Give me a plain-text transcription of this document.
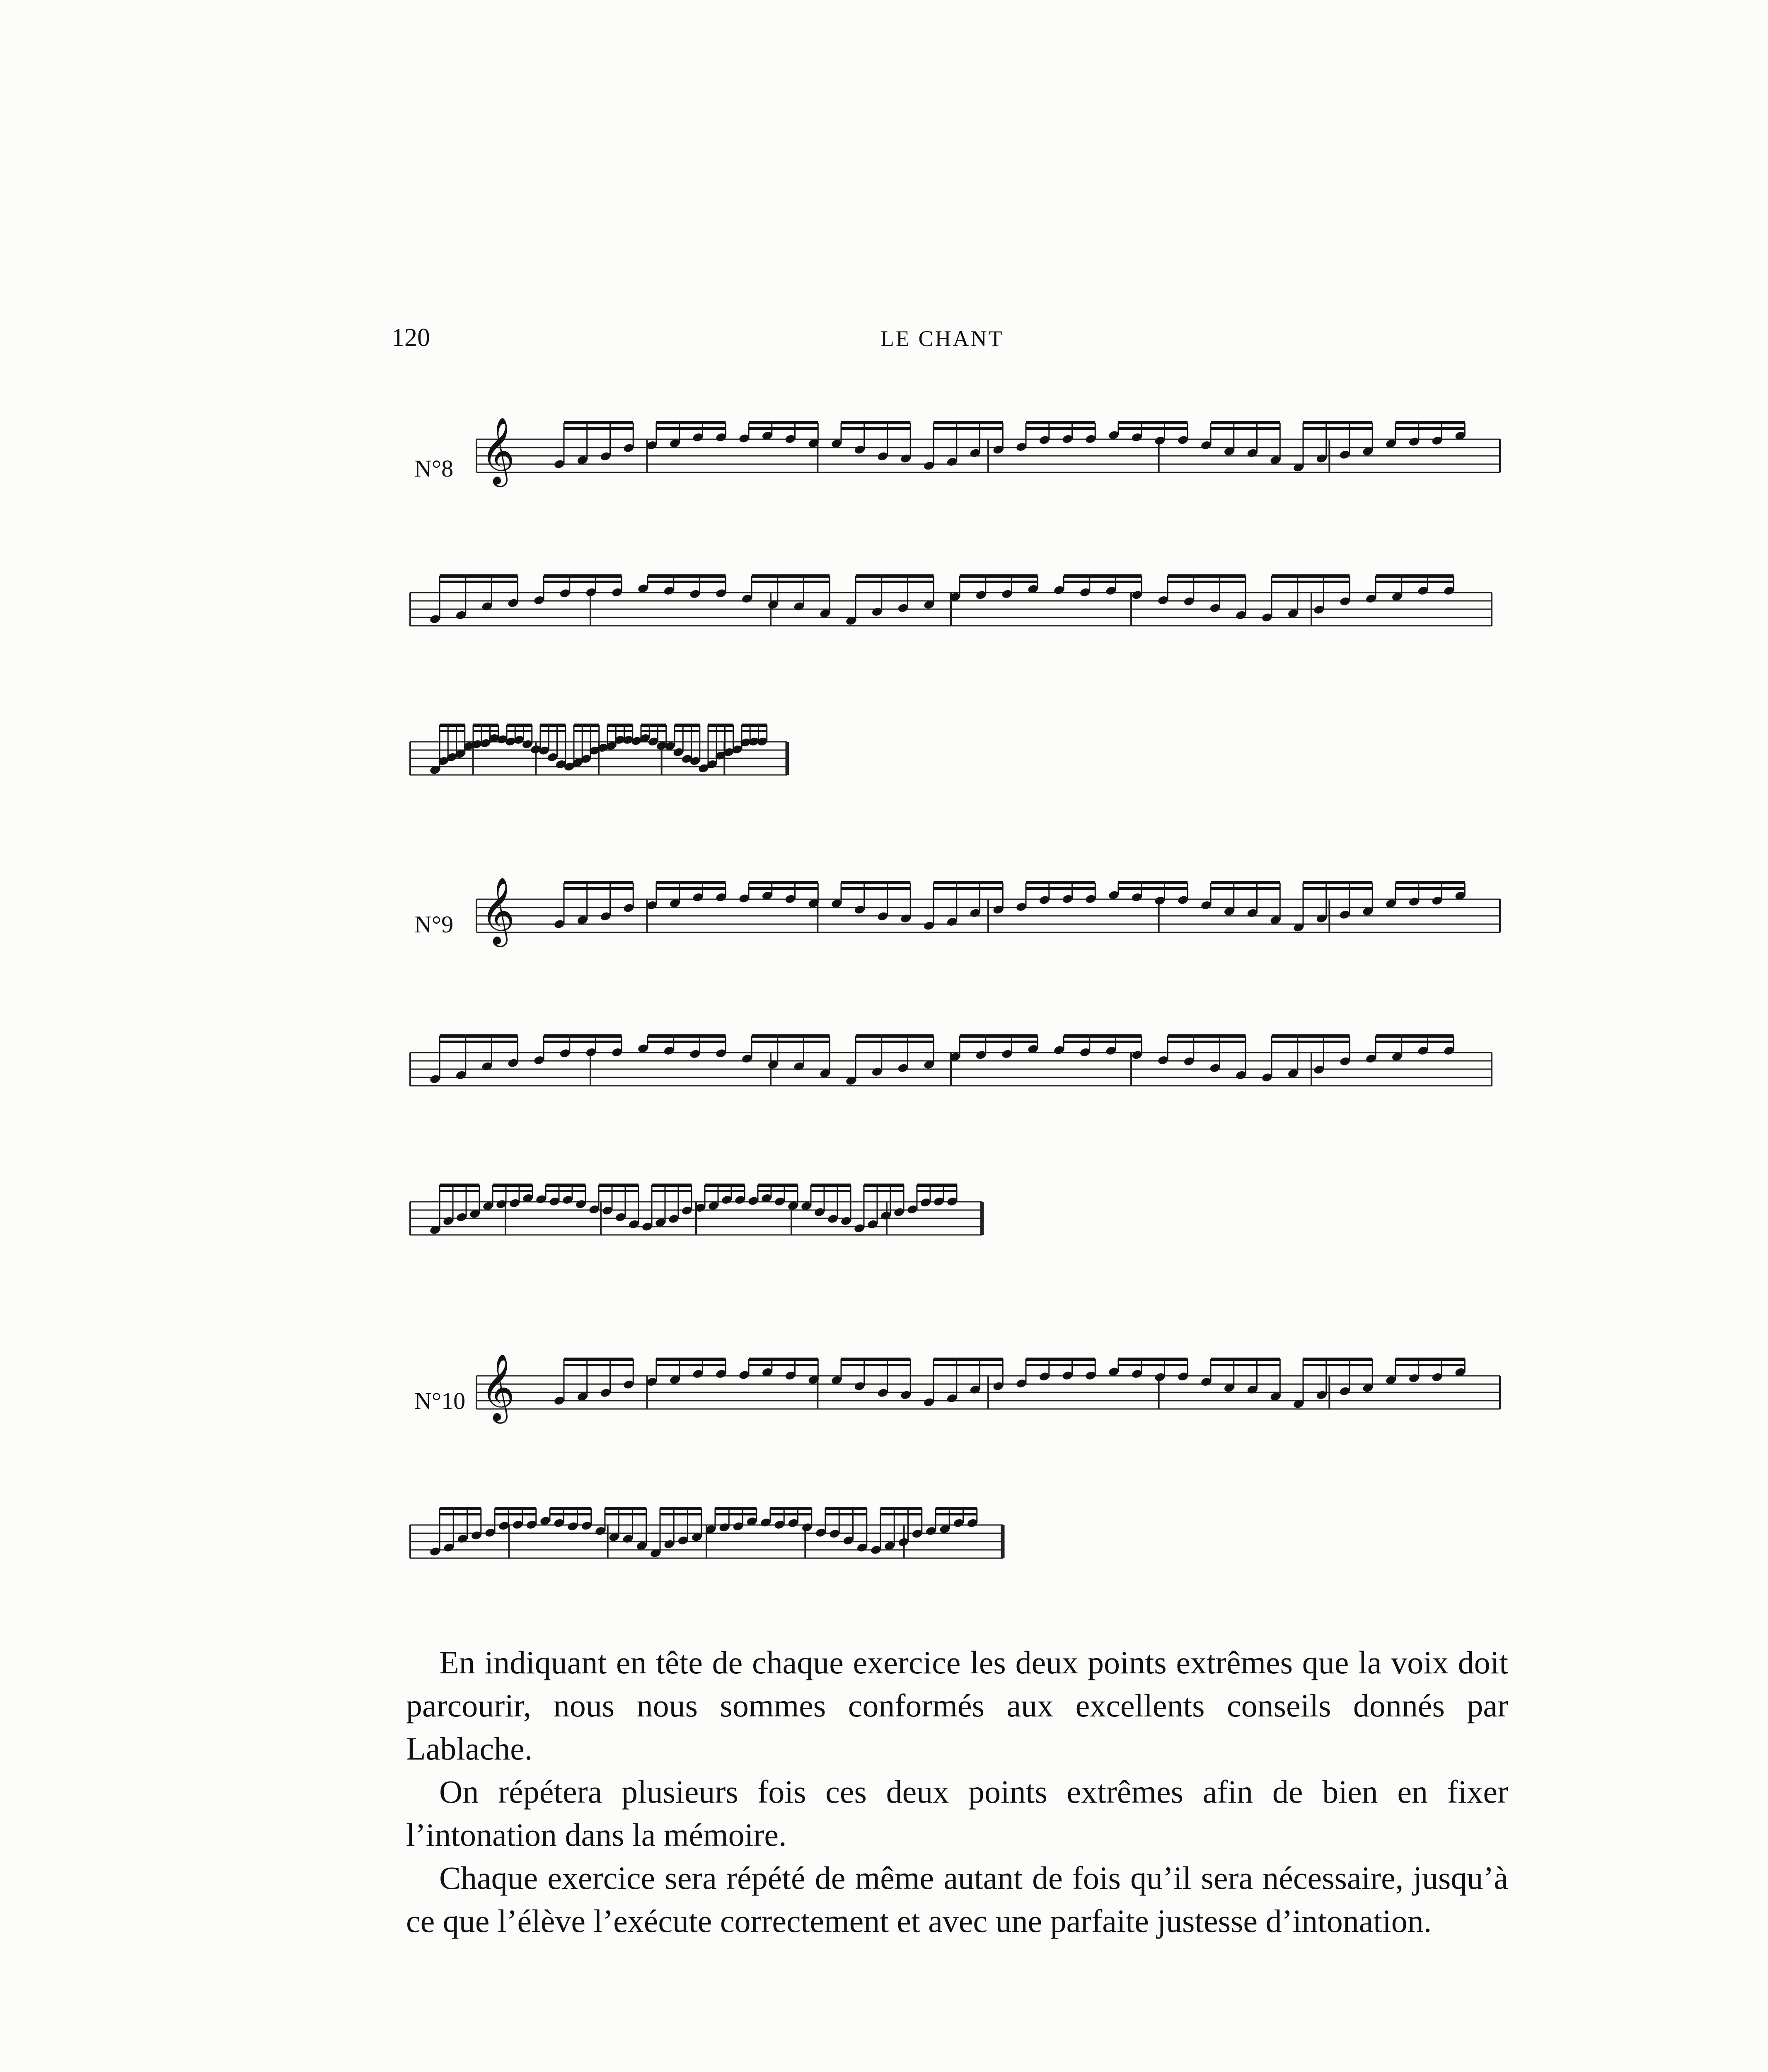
120	LE CHANT
N°8
N°9
N°10
𝄞
𝄞
𝄞

En indiquant en tête de chaque exercice les deux points extrêmes que la voix doit parcourir, nous nous sommes conformés aux excellents conseils donnés par Lablache.

On répétera plusieurs fois ces deux points extrêmes afin de bien en fixer l’intonation dans la mémoire.

Chaque exercice sera répété de même autant de fois qu’il sera nécessaire, jusqu’à ce que l’élève l’exécute correctement et avec une parfaite justesse d’intonation.
